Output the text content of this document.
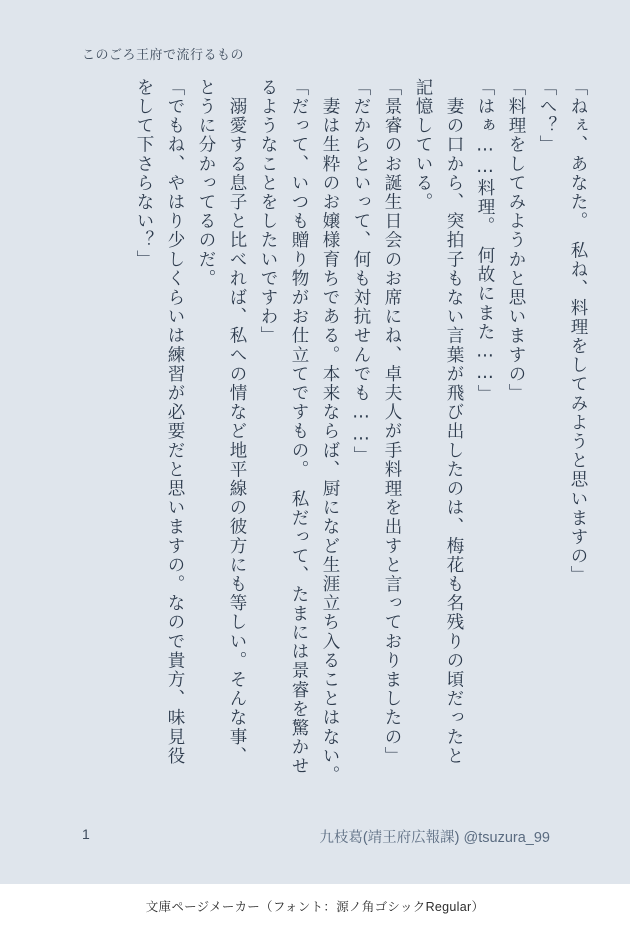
このごろ王府で流行るもの
「ねぇ、あなた。　私ね、料理をしてみようと思いますの」
「へ？」
「料理をしてみようかと思いますの」
「はぁ……料理。　何故にまた……」
　妻の口から、突拍子もない言葉が飛び出したのは、梅花も名残りの頃だったと
記憶している。
「景睿のお誕生日会のお席にね、卓夫人が手料理を出すと言っておりましたの」
「だからといって、何も対抗せんでも……」
　妻は生粋のお嬢様育ちである。本来ならば、厨になど生涯立ち入ることはない。
「だって、いつも贈り物がお仕立てですもの。　私だって、たまには景睿を驚かせ
るようなことをしたいですわ」
　溺愛する息子と比べれば、私への情など地平線の彼方にも等しい。そんな事、
とうに分かってるのだ。
「でもね、やはり少しくらいは練習が必要だと思いますの。なので貴方、味見役
をして下さらない？」
1	九枝葛(靖王府広報課) @tsuzura_99
文庫ページメーカー（フォント：源ノ角ゴシックRegular）
